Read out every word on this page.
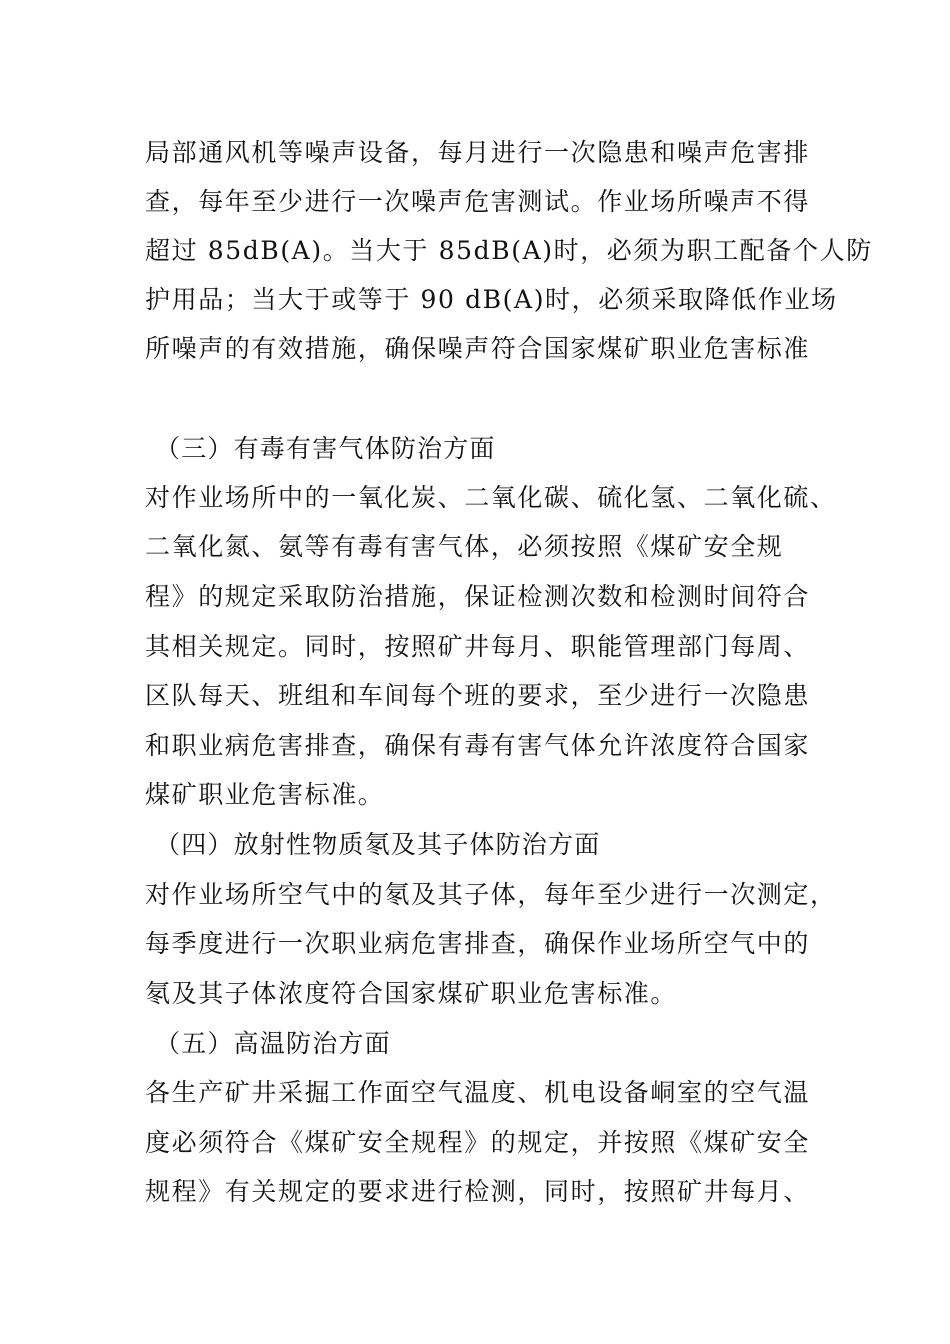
局部通风机等噪声设备，每月进行一次隐患和噪声危害排
查，每年至少进行一次噪声危害测试。作业场所噪声不得
超过 85dB(A)。当大于 85dB(A)时，必须为职工配备个人防
护用品；当大于或等于 90 dB(A)时，必须采取降低作业场
所噪声的有效措施，确保噪声符合国家煤矿职业危害标准
（三）有毒有害气体防治方面
对作业场所中的一氧化炭、二氧化碳、硫化氢、二氧化硫、
二氧化氮、氨等有毒有害气体，必须按照《煤矿安全规
程》的规定采取防治措施，保证检测次数和检测时间符合
其相关规定。同时，按照矿井每月、职能管理部门每周、
区队每天、班组和车间每个班的要求，至少进行一次隐患
和职业病危害排查，确保有毒有害气体允许浓度符合国家
煤矿职业危害标准。
（四）放射性物质氡及其子体防治方面
对作业场所空气中的氡及其子体，每年至少进行一次测定，
每季度进行一次职业病危害排查，确保作业场所空气中的
氡及其子体浓度符合国家煤矿职业危害标准。
（五）高温防治方面
各生产矿井采掘工作面空气温度、机电设备峒室的空气温
度必须符合《煤矿安全规程》的规定，并按照《煤矿安全
规程》有关规定的要求进行检测，同时，按照矿井每月、
